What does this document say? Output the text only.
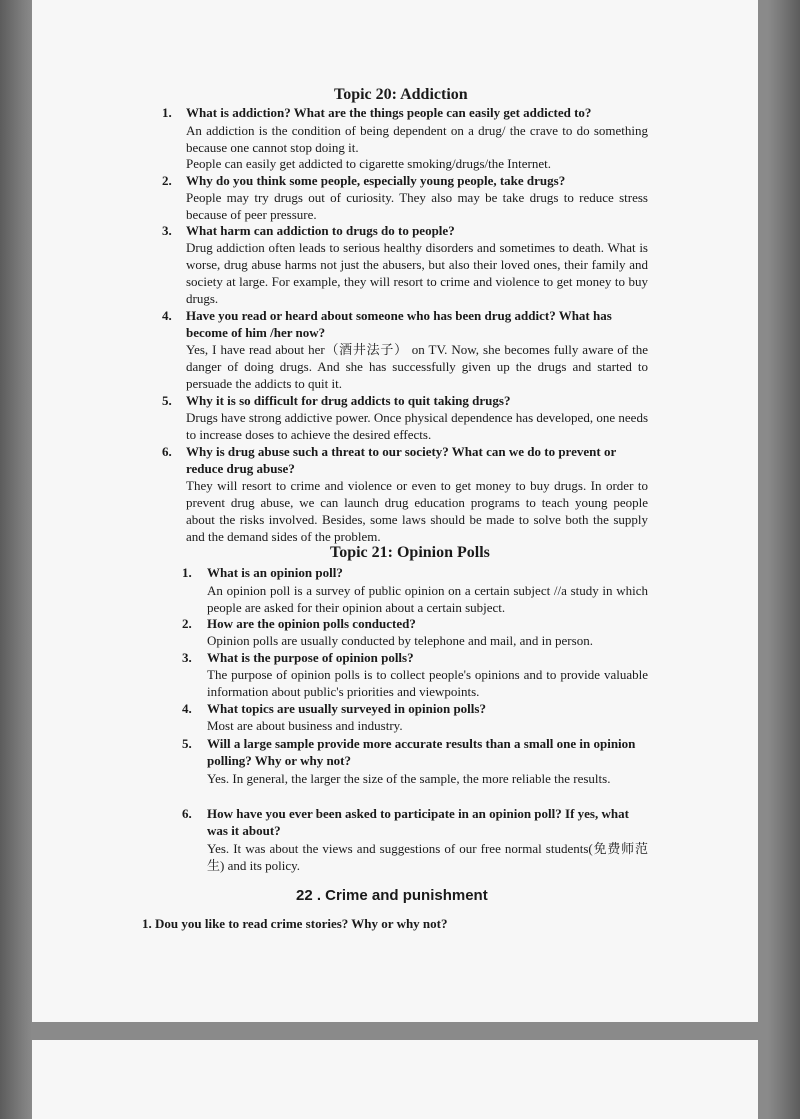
Topic 20: Addiction
1. What is addiction? What are the things people can easily get addicted to?
An addiction is the condition of being dependent on a drug/ the crave to do something because one cannot stop doing it.
People can easily get addicted to cigarette smoking/drugs/the Internet.
2. Why do you think some people, especially young people, take drugs?
People may try drugs out of curiosity. They also may be take drugs to reduce stress because of peer pressure.
3. What harm can addiction to drugs do to people?
Drug addiction often leads to serious healthy disorders and sometimes to death. What is worse, drug abuse harms not just the abusers, but also their loved ones, their family and society at large. For example, they will resort to crime and violence to get money to buy drugs.
4. Have you read or heard about someone who has been drug addict? What has become of him /her now?
Yes, I have read about her（酒井法子） on TV. Now, she becomes fully aware of the danger of doing drugs. And she has successfully given up the drugs and started to persuade the addicts to quit it.
5. Why it is so difficult for drug addicts to quit taking drugs?
Drugs have strong addictive power. Once physical dependence has developed, one needs to increase doses to achieve the desired effects.
6. Why is drug abuse such a threat to our society? What can we do to prevent or reduce drug abuse?
They will resort to crime and violence or even to get money to buy drugs. In order to prevent drug abuse, we can launch drug education programs to teach young people about the risks involved. Besides, some laws should be made to solve both the supply and the demand sides of the problem.
Topic 21: Opinion Polls
1. What is an opinion poll?
An opinion poll is a survey of public opinion on a certain subject //a study in which people are asked for their opinion about a certain subject.
2. How are the opinion polls conducted?
Opinion polls are usually conducted by telephone and mail, and in person.
3. What is the purpose of opinion polls?
The purpose of opinion polls is to collect people's opinions and to provide valuable information about public's priorities and viewpoints.
4. What topics are usually surveyed in opinion polls?
Most are about business and industry.
5. Will a large sample provide more accurate results than a small one in opinion polling? Why or why not?
Yes. In general, the larger the size of the sample, the more reliable the results.
6. How have you ever been asked to participate in an opinion poll? If yes, what was it about?
Yes. It was about the views and suggestions of our free normal students(免费师范生) and its policy.
22 . Crime and punishment
1. Dou you like to read crime stories? Why or why not?
